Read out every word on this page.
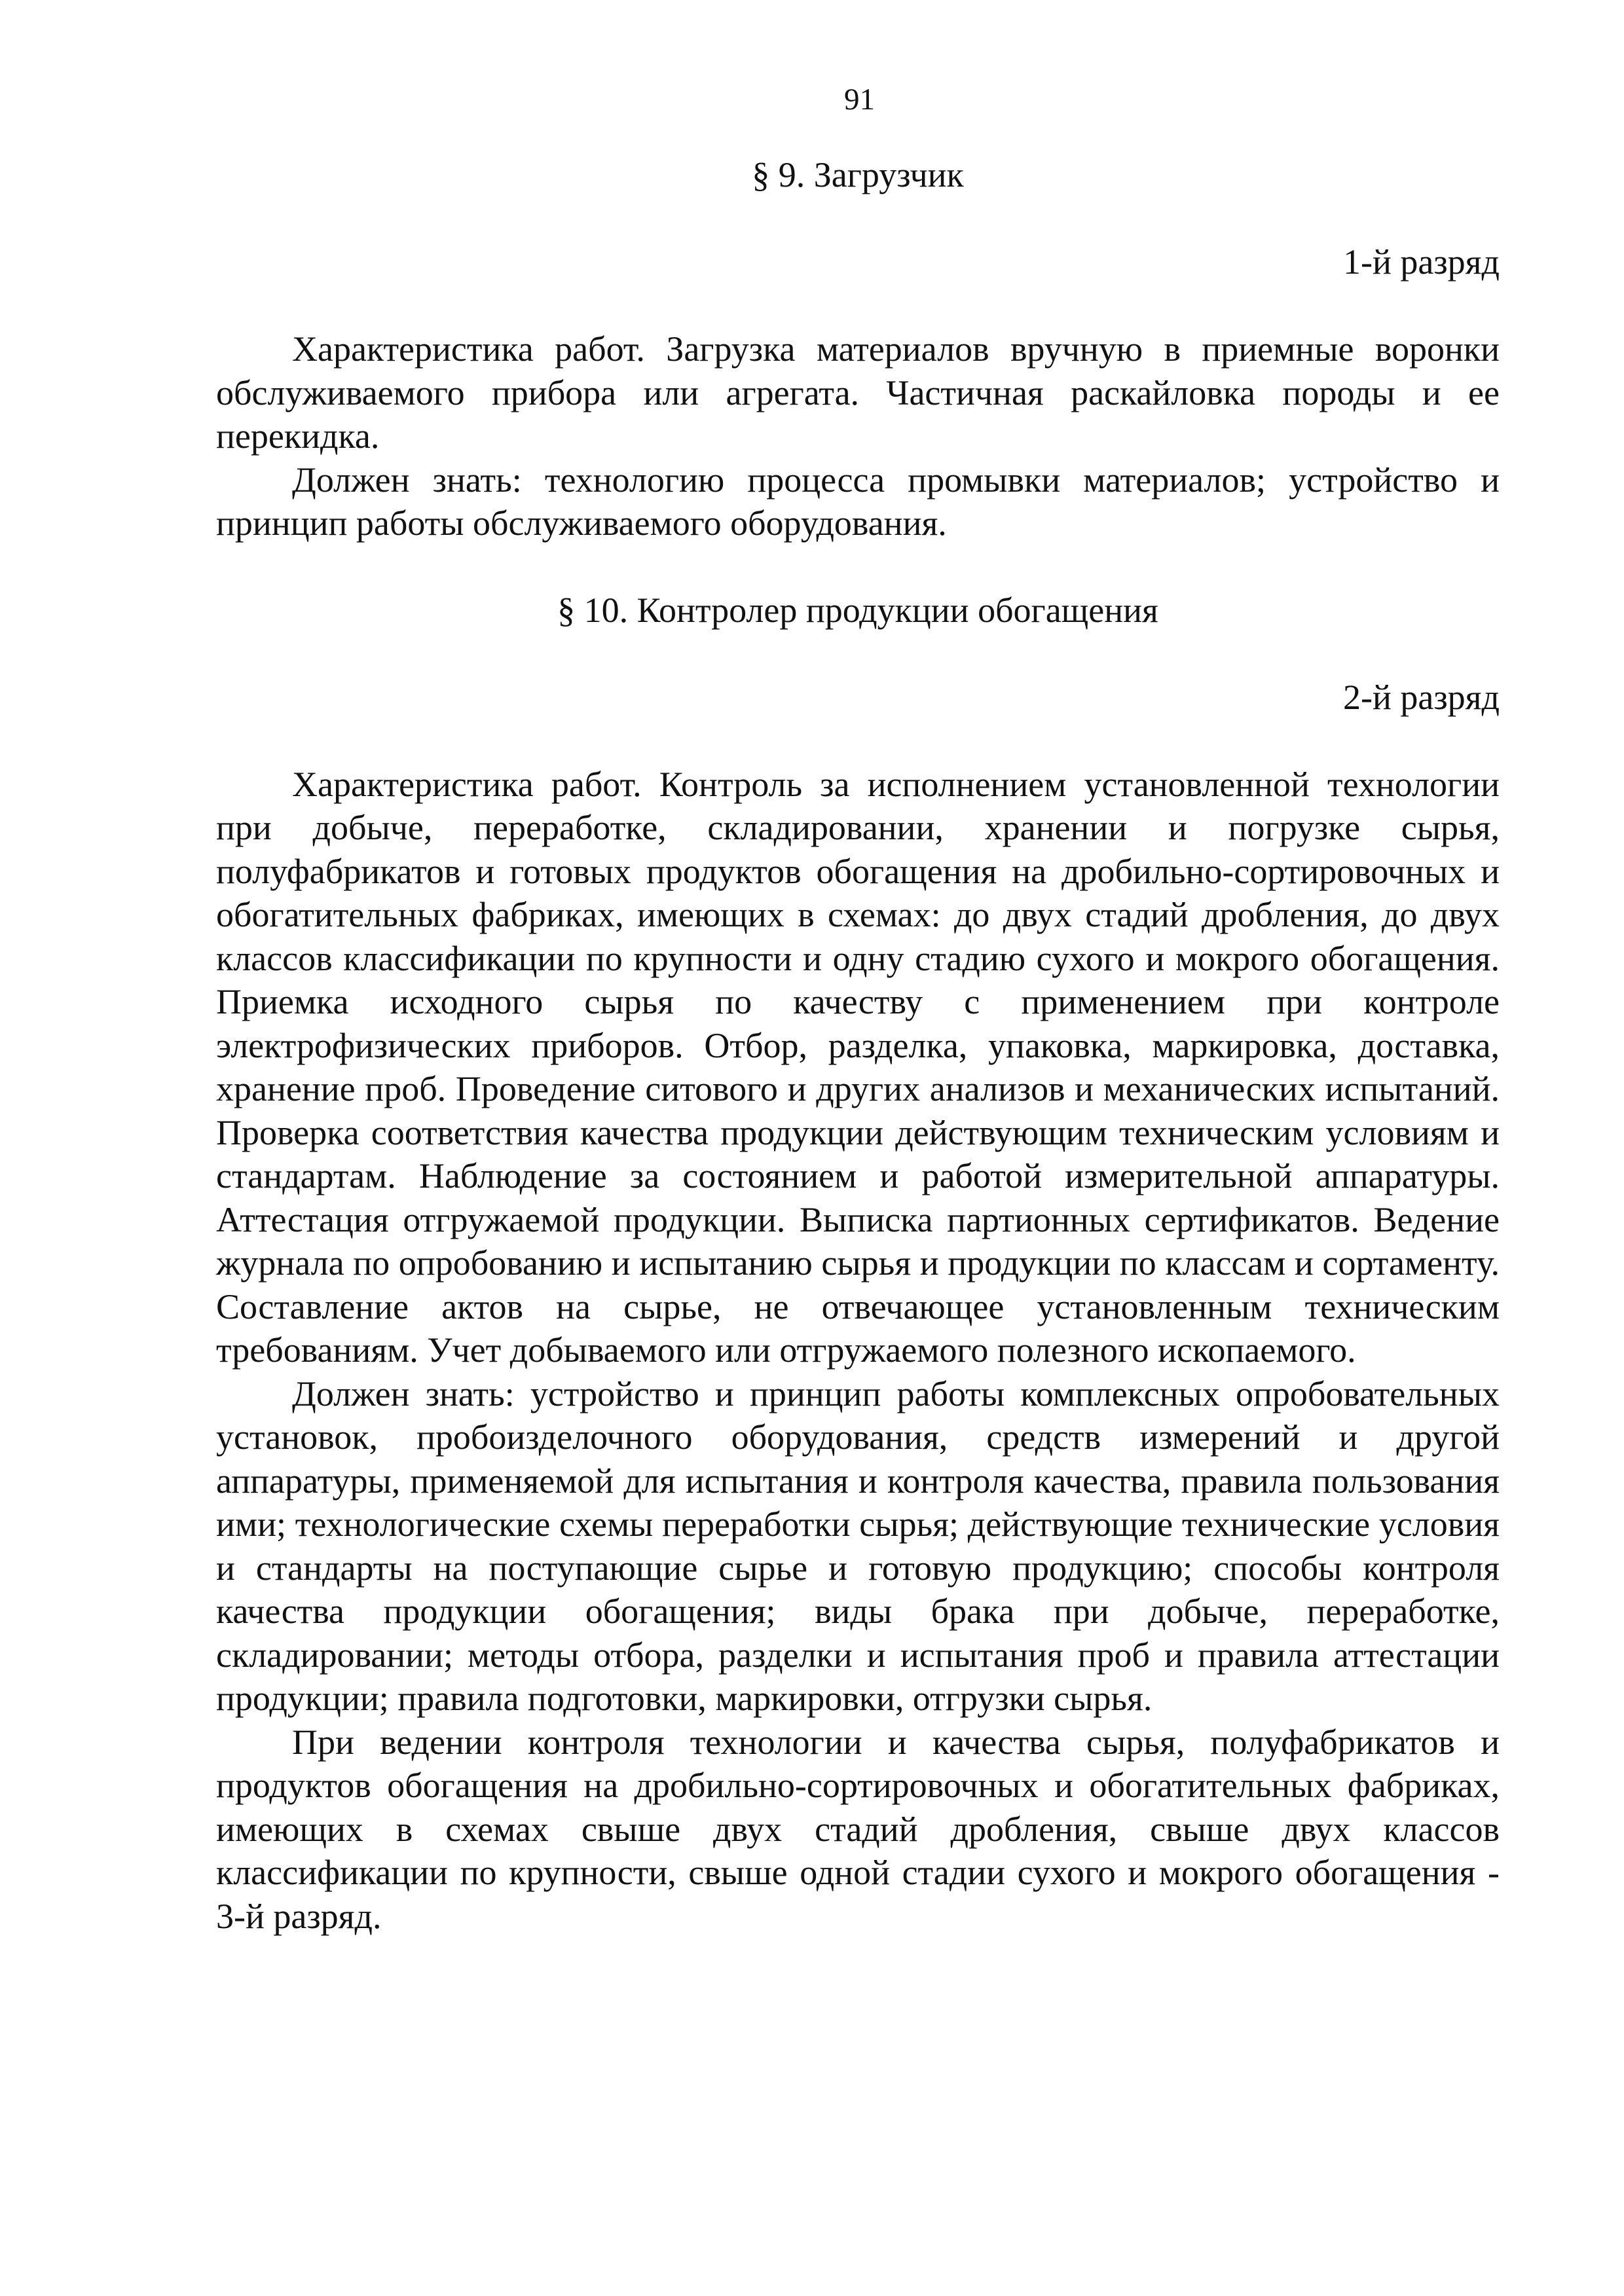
91
§ 9. Загрузчик

1-й разряд

Характеристика работ. Загрузка материалов вручную в приемные воронки обслуживаемого прибора или агрегата. Частичная раскайловка породы и ее перекидка.

Должен знать: технологию процесса промывки материалов; устройство и принцип работы обслуживаемого оборудования.

§ 10. Контролер продукции обогащения

2-й разряд

Характеристика работ. Контроль за исполнением установленной технологии при добыче, переработке, складировании, хранении и погрузке сырья, полуфабрикатов и готовых продуктов обогащения на дробильно-сортировочных и обогатительных фабриках, имеющих в схемах: до двух стадий дробления, до двух классов классификации по крупности и одну стадию сухого и мокрого обогащения. Приемка исходного сырья по качеству с применением при контроле электрофизических приборов. Отбор, разделка, упаковка, маркировка, доставка, хранение проб. Проведение ситового и других анализов и механических испытаний. Проверка соответствия качества продукции действующим техническим условиям и стандартам. Наблюдение за состоянием и работой измерительной аппаратуры. Аттестация отгружаемой продукции. Выписка партионных сертификатов. Ведение журнала по опробованию и испытанию сырья и продукции по классам и сортаменту. Составление актов на сырье, не отвечающее установленным техническим требованиям. Учет добываемого или отгружаемого полезного ископаемого.

Должен знать: устройство и принцип работы комплексных опробовательных установок, пробоизделочного оборудования, средств измерений и другой аппаратуры, применяемой для испытания и контроля качества, правила пользования ими; технологические схемы переработки сырья; действующие технические условия и стандарты на поступающие сырье и готовую продукцию; способы контроля качества продукции обогащения; виды брака при добыче, переработке, складировании; методы отбора, разделки и испытания проб и правила аттестации продукции; правила подготовки, маркировки, отгрузки сырья.

При ведении контроля технологии и качества сырья, полуфабрикатов и продуктов обогащения на дробильно-сортировочных и обогатительных фабриках, имеющих в схемах свыше двух стадий дробления, свыше двух классов классификации по крупности, свыше одной стадии сухого и мокрого обогащения - 3-й разряд.
